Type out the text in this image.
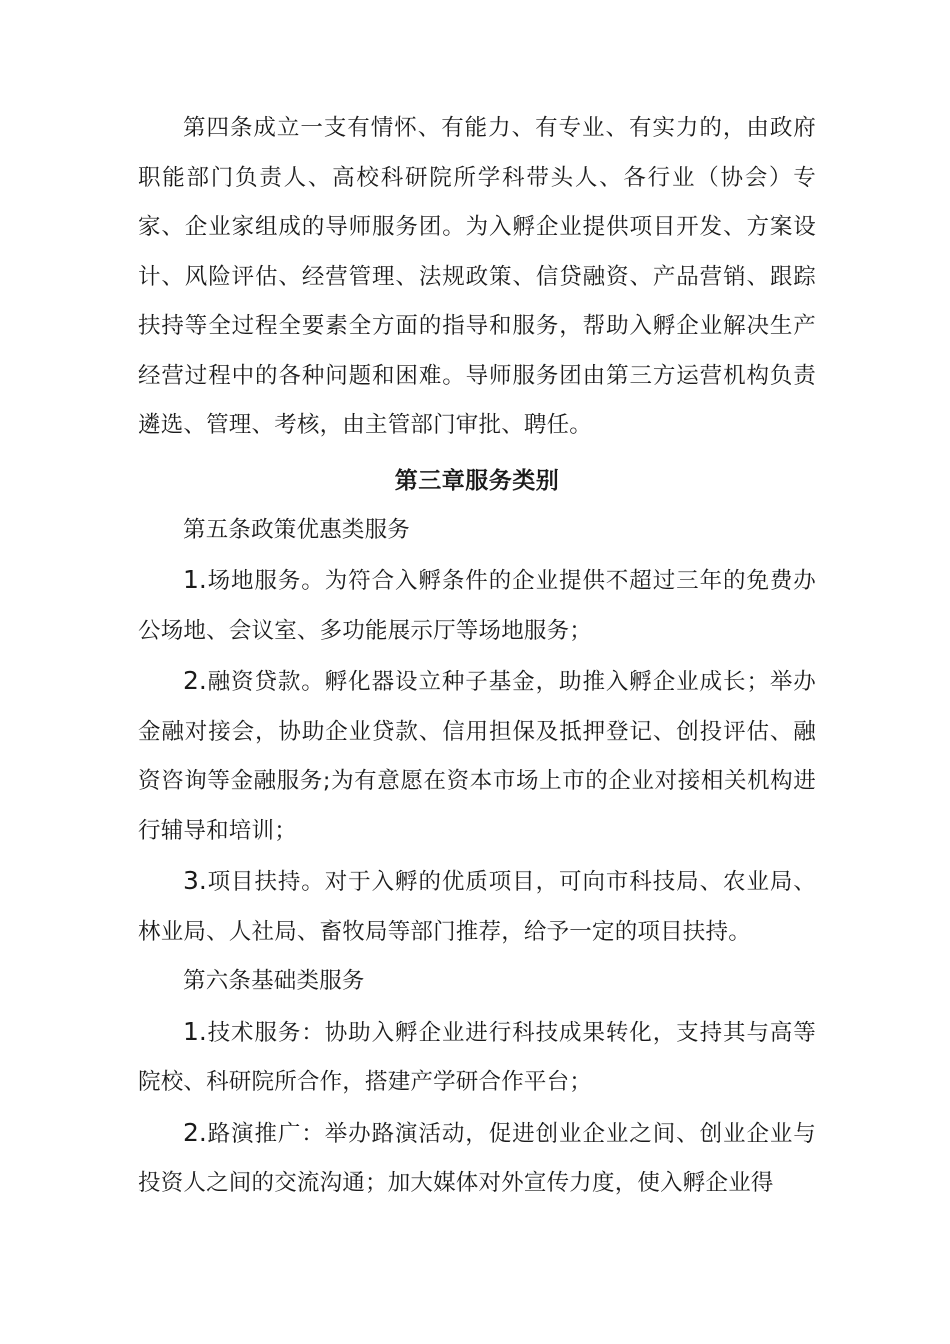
第四条成立一支有情怀、有能力、有专业、有实力的，由政府职能部门负责人、高校科研院所学科带头人、各行业（协会）专家、企业家组成的导师服务团。为入孵企业提供项目开发、方案设计、风险评估、经营管理、法规政策、信贷融资、产品营销、跟踪扶持等全过程全要素全方面的指导和服务，帮助入孵企业解决生产经营过程中的各种问题和困难。导师服务团由第三方运营机构负责遴选、管理、考核，由主管部门审批、聘任。

第三章服务类别

第五条政策优惠类服务

1.场地服务。为符合入孵条件的企业提供不超过三年的免费办公场地、会议室、多功能展示厅等场地服务；

2.融资贷款。孵化器设立种子基金，助推入孵企业成长；举办金融对接会，协助企业贷款、信用担保及抵押登记、创投评估、融资咨询等金融服务;为有意愿在资本市场上市的企业对接相关机构进行辅导和培训；

3.项目扶持。对于入孵的优质项目，可向市科技局、农业局、林业局、人社局、畜牧局等部门推荐，给予一定的项目扶持。

第六条基础类服务

1.技术服务：协助入孵企业进行科技成果转化，支持其与高等院校、科研院所合作，搭建产学研合作平台；

2.路演推广：举办路演活动，促进创业企业之间、创业企业与投资人之间的交流沟通；加大媒体对外宣传力度，使入孵企业得
